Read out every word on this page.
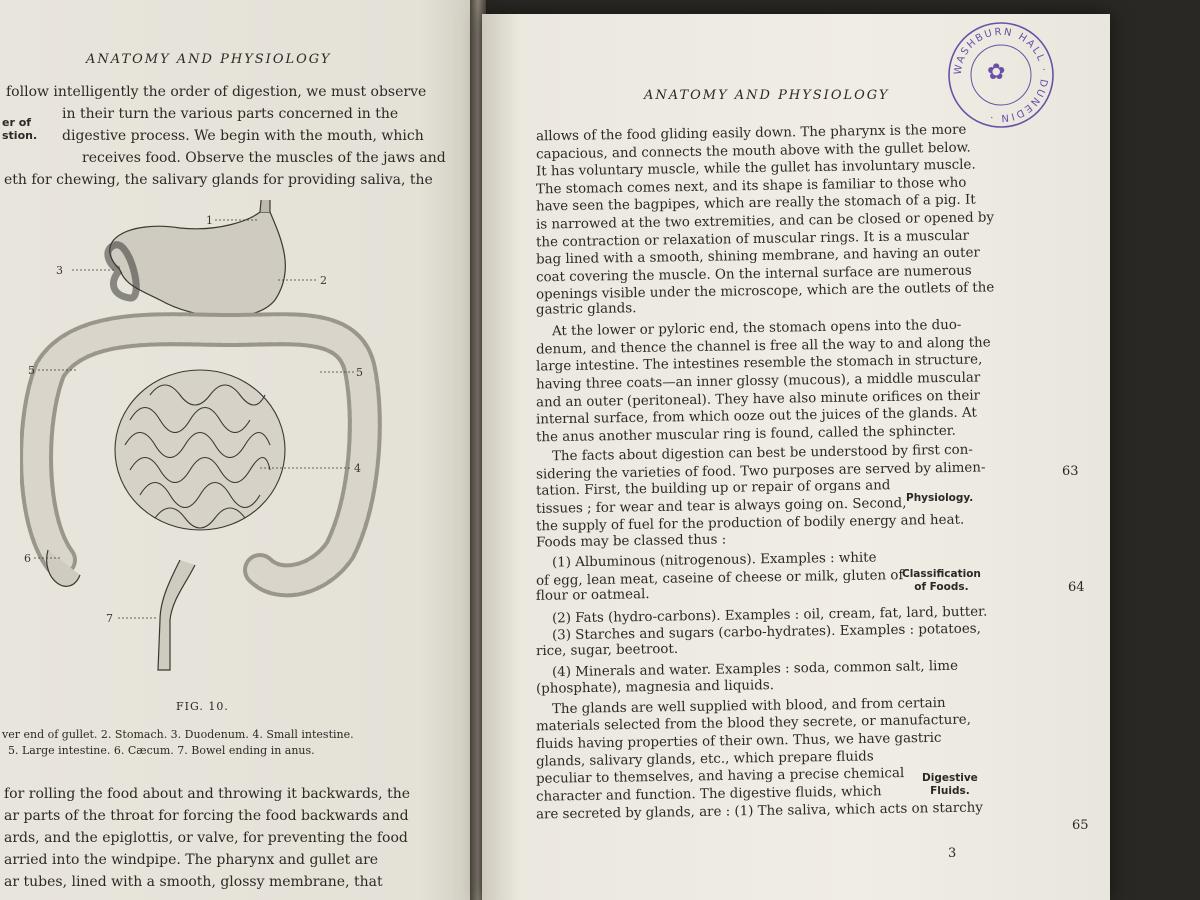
ANATOMY AND PHYSIOLOGY
er of
stion.
follow intelligently the order of digestion, we must observe
in their turn the various parts concerned in the
digestive process. We begin with the mouth, which
receives food. Observe the muscles of the jaws and
eth for chewing, the salivary glands for providing saliva, the
1
2
3
4
5	5
6
7
FIG. 10.
ver end of gullet. 2. Stomach. 3. Duodenum. 4. Small intestine.
5. Large intestine. 6. Cæcum. 7. Bowel ending in anus.
for rolling the food about and throwing it backwards, the
ar parts of the throat for forcing the food backwards and
ards, and the epiglottis, or valve, for preventing the food
arried into the windpipe. The pharynx and gullet are
ar tubes, lined with a smooth, glossy membrane, that
ANATOMY AND PHYSIOLOGY
allows of the food gliding easily down. The pharynx is the more
capacious, and connects the mouth above with the gullet below.
It has voluntary muscle, while the gullet has involuntary muscle.
The stomach comes next, and its shape is familiar to those who
have seen the bagpipes, which are really the stomach of a pig. It
is narrowed at the two extremities, and can be closed or opened by
the contraction or relaxation of muscular rings. It is a muscular
bag lined with a smooth, shining membrane, and having an outer
coat covering the muscle. On the internal surface are numerous
openings visible under the microscope, which are the outlets of the
gastric glands.
At the lower or pyloric end, the stomach opens into the duo-
denum, and thence the channel is free all the way to and along the
large intestine. The intestines resemble the stomach in structure,
having three coats—an inner glossy (mucous), a middle muscular
and an outer (peritoneal). They have also minute orifices on their
internal surface, from which ooze out the juices of the glands. At
the anus another muscular ring is found, called the sphincter.
The facts about digestion can best be understood by first con-
sidering the varieties of food. Two purposes are served by alimen-
tation. First, the building up or repair of organs and
tissues ; for wear and tear is always going on. Second,
the supply of fuel for the production of bodily energy and heat.
Foods may be classed thus :
(1) Albuminous (nitrogenous). Examples : white
of egg, lean meat, caseine of cheese or milk, gluten of
flour or oatmeal.
(2) Fats (hydro-carbons). Examples : oil, cream, fat, lard, butter.
(3) Starches and sugars (carbo-hydrates). Examples : potatoes,
rice, sugar, beetroot.
(4) Minerals and water. Examples : soda, common salt, lime
(phosphate), magnesia and liquids.
The glands are well supplied with blood, and from certain
materials selected from the blood they secrete, or manufacture,
fluids having properties of their own. Thus, we have gastric
glands, salivary glands, etc., which prepare fluids
peculiar to themselves, and having a precise chemical
character and function. The digestive fluids, which
are secreted by glands, are : (1) The saliva, which acts on starchy
Physiology.
Classification
of Foods.
Digestive
Fluids.
63
64
65
3
WASHBURN HALL · DUNEDIN ·
✿
